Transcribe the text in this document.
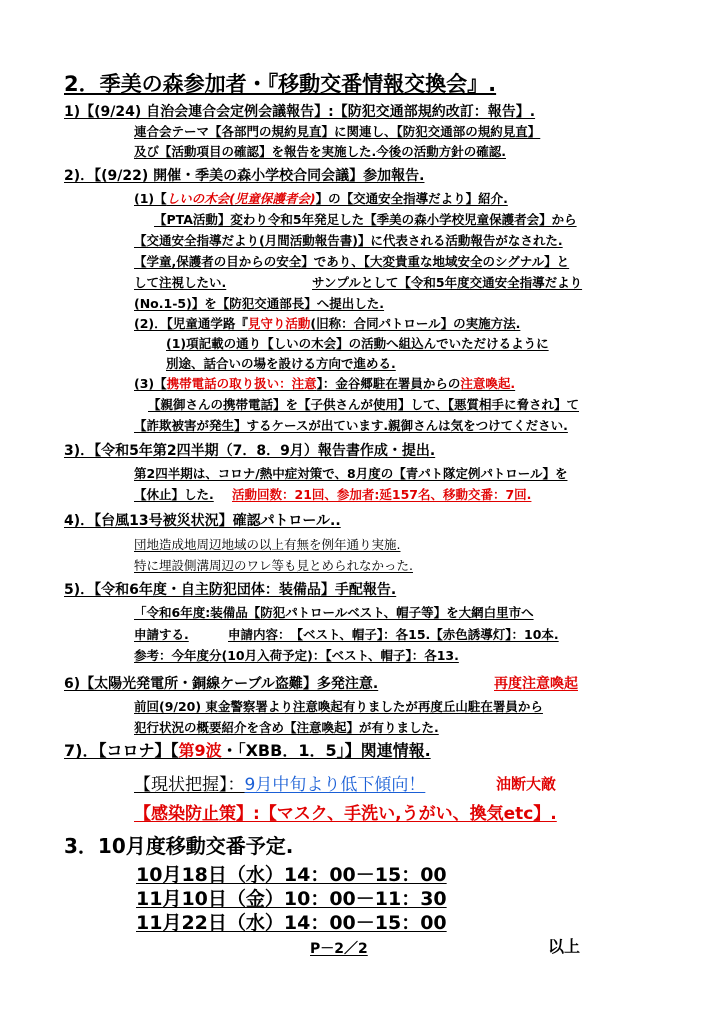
2．季美の森参加者・『移動交番情報交換会』.
1)【(9/24) 自治会連合会定例会議報告】:【防犯交通部規約改訂：報告】.
連合会テーマ【各部門の規約見直】に関連し、【防犯交通部の規約見直】
及び【活動項目の確認】を報告を実施した.今後の活動方針の確認.
2)．【(9/22) 開催・季美の森小学校合同会議】参加報告.
(1)【しいの木会(児童保護者会)】の【交通安全指導だより】紹介.
【PTA活動】変わり令和5年発足した【季美の森小学校児童保護者会】から
【交通安全指導だより(月間活動報告書)】に代表される活動報告がなされた.
【学童,保護者の目からの安全】であり、【大変貴重な地域安全のシグナル】と
して注視したい.	サンプルとして【令和5年度交通安全指導だより
(No.1-5)】を【防犯交通部長】へ提出した.
(2)．【児童通学路『見守り活動(旧称：合同パトロール】の実施方法.
(1)項記載の通り【しいの木会】の活動へ組込んでいただけるように
別途、話合いの場を設ける方向で進める.
(3)【携帯電話の取り扱い：注意】：金谷郷駐在署員からの注意喚起.
【親御さんの携帯電話】を【子供さんが使用】して、【悪質相手に脅され】て
【詐欺被害が発生】するケースが出ています.親御さんは気をつけてください.
3)．【令和5年第2四半期（7．8．9月）報告書作成・提出.
第2四半期は、コロナ/熱中症対策で、8月度の【青パト隊定例パトロール】を
【休止】した. 活動回数：21回、参加者:延157名、移動交番：7回.
4)．【台風13号被災状況】確認パトロール..
団地造成地周辺地域の以上有無を例年通り実施.
特に埋設側溝周辺のワレ等も見とめられなかった.
5)．【令和6年度・自主防犯団体：装備品】手配報告.
「令和6年度:装備品【防犯パトロールベスト、帽子等】を大網白里市へ
申請する.	申請内容：　【ベスト、帽子】：各15.【赤色誘導灯】：10本.
参考：今年度分(10月入荷予定)：【ベスト、帽子】：各13.
6)【太陽光発電所・銅線ケーブル盗難】多発注意.	再度注意喚起
前回(9/20) 東金警察署より注意喚起有りましたが再度丘山駐在署員から
犯行状況の概要紹介を含め【注意喚起】が有りました.
7)．【コロナ】【第9波・「XBB．1．5」】関連情報.
【現状把握】：9月中旬より低下傾向！	油断大敵
【感染防止策】:【マスク、手洗い,うがい、換気etc】.
3．10月度移動交番予定.
10月18日（水）14：00－15：00
11月10日（金）10：00－11：30
11月22日（水）14：00－15：00
P－2／2	以上
